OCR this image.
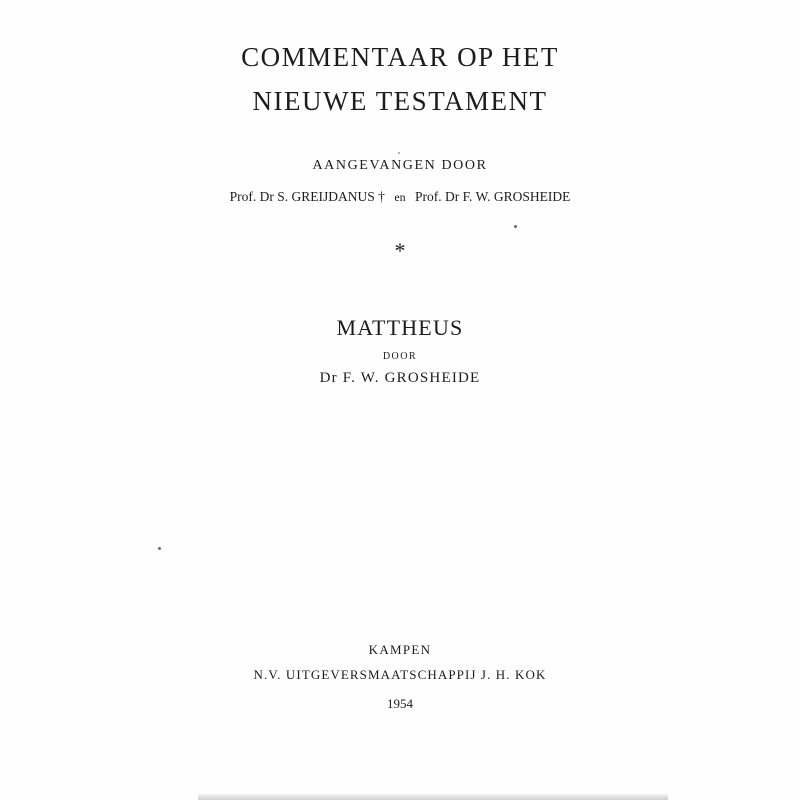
COMMENTAAR OP HET
NIEUWE TESTAMENT
AANGEVANGEN DOOR
Prof. Dr S. GREIJDANUS † en Prof. Dr F. W. GROSHEIDE
*
MATTHEUS
DOOR
Dr F. W. GROSHEIDE
KAMPEN
N.V. UITGEVERSMAATSCHAPPIJ J. H. KOK
1954
